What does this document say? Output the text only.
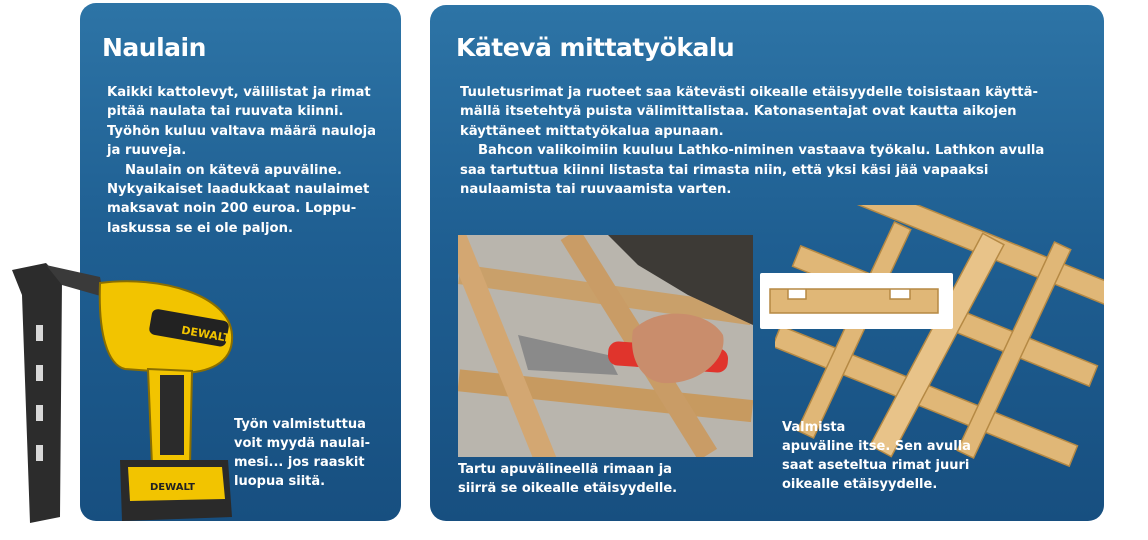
Naulain

Kaikki kattolevyt, välilistat ja rimat pitää naulata tai ruuvata kiinni. Työhön kuluu valtava määrä nauloja ja ruuveja.

Naulain on kätevä apuväline. Nykyaikaiset laadukkaat naulaimet maksavat noin 200 euroa. Loppu-laskussa se ei ole paljon.

Työn valmistuttua
voit myydä naulai-
mesi... jos raaskit
luopua siitä.
DEWALT
DEWALT
Kätevä mittatyökalu

Tuuletusrimat ja ruoteet saa kätevästi oikealle etäisyydelle toisistaan käyttä-mällä itsetehtyä puista välimittalistaa. Katonasentajat ovat kautta aikojen käyttäneet mittatyökalua apunaan.

Bahcon valikoimiin kuuluu Lathko-niminen vastaava työkalu. Lathkon avulla saa tartuttua kiinni listasta tai rimasta niin, että yksi käsi jää vapaaksi naulaamista tai ruuvaamista varten.

Tartu apuvälineellä rimaan ja
siirrä se oikealle etäisyydelle.
Valmista
apuväline itse. Sen avulla
saat aseteltua rimat juuri
oikealle etäisyydelle.
